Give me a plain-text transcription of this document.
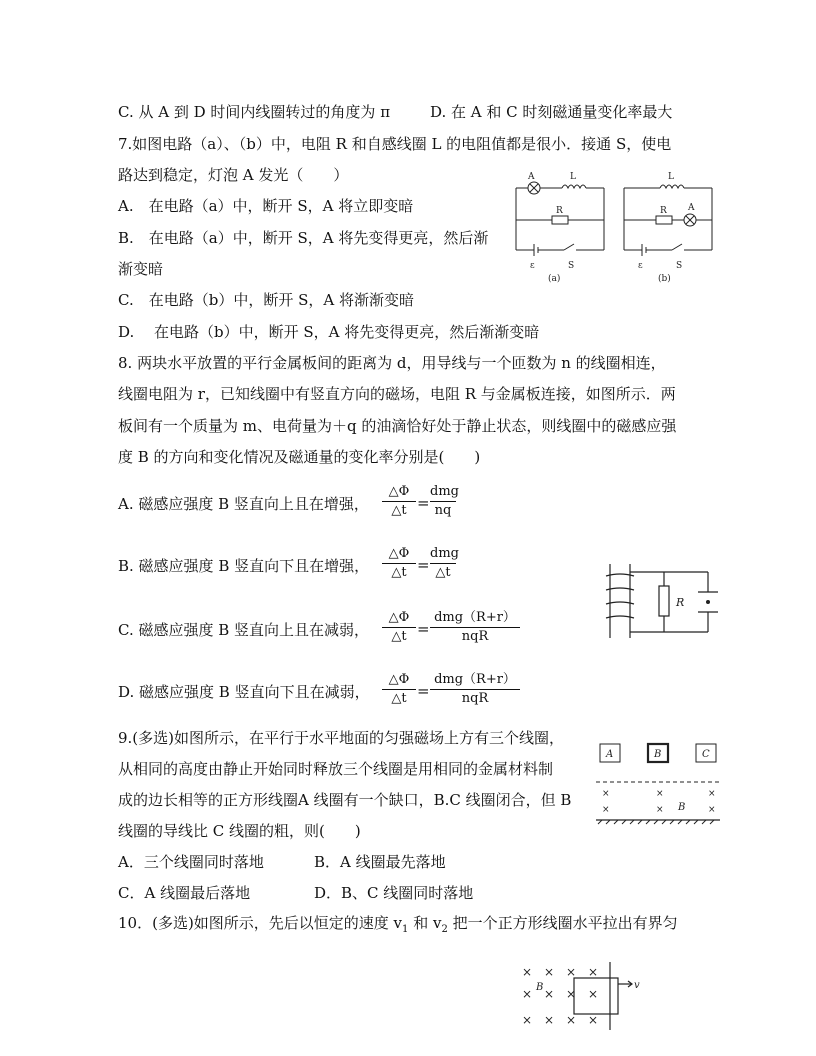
C. 从 A 到 D 时间内线圈转过的角度为 π	D. 在 A 和 C 时刻磁通量变化率最大
7.如图电路（a）、（b）中，电阻 R 和自感线圈 L 的电阻值都是很小．接通 S，使电
路达到稳定，灯泡 A 发光（　　）
A.　在电路（a）中，断开 S，A 将立即变暗
B.　在电路（a）中，断开 S，A 将先变得更亮，然后渐
渐变暗
C.　在电路（b）中，断开 S，A 将渐渐变暗
D.　 在电路（b）中，断开 S，A 将先变得更亮，然后渐渐变暗
A	L
R
ε	S
(a)
L
R A
ε	S
(b)
8. 两块水平放置的平行金属板间的距离为 d，用导线与一个匝数为 n 的线圈相连，
线圈电阻为 r，已知线圈中有竖直方向的磁场，电阻 R 与金属板连接，如图所示．两
板间有一个质量为 m、电荷量为＋q 的油滴恰好处于静止状态，则线圈中的磁感应强
度 B 的方向和变化情况及磁通量的变化率分别是(　　)
A. 磁感应强度 B 竖直向上且在增强，
△Φ
△t =
dmg
nq
B. 磁感应强度 B 竖直向下且在增强，
△Φ
△t =
dmg
△t
C. 磁感应强度 B 竖直向上且在减弱，
△Φ
△t =
dmg（R+r）
nqR
D. 磁感应强度 B 竖直向下且在减弱，
△Φ
△t =
dmg（R+r）
nqR
R
9.(多选)如图所示，在平行于水平地面的匀强磁场上方有三个线圈，
从相同的高度由静止开始同时释放三个线圈是用相同的金属材料制
成的边长相等的正方形线圈A 线圈有一个缺口，B.C 线圈闭合，但 B
线圈的导线比 C 线圈的粗，则(　　)
A．三个线圈同时落地	B．A 线圈最先落地
C．A 线圈最后落地	D．B、C 线圈同时落地
A	B	C
B
×	×	×
×	×	×
10．(多选)如图所示，先后以恒定的速度 $v_1$ 和 $v_2$ 把一个正方形线圈水平拉出有界匀
× × × ×
× × × ×
× × × ×
B	v
